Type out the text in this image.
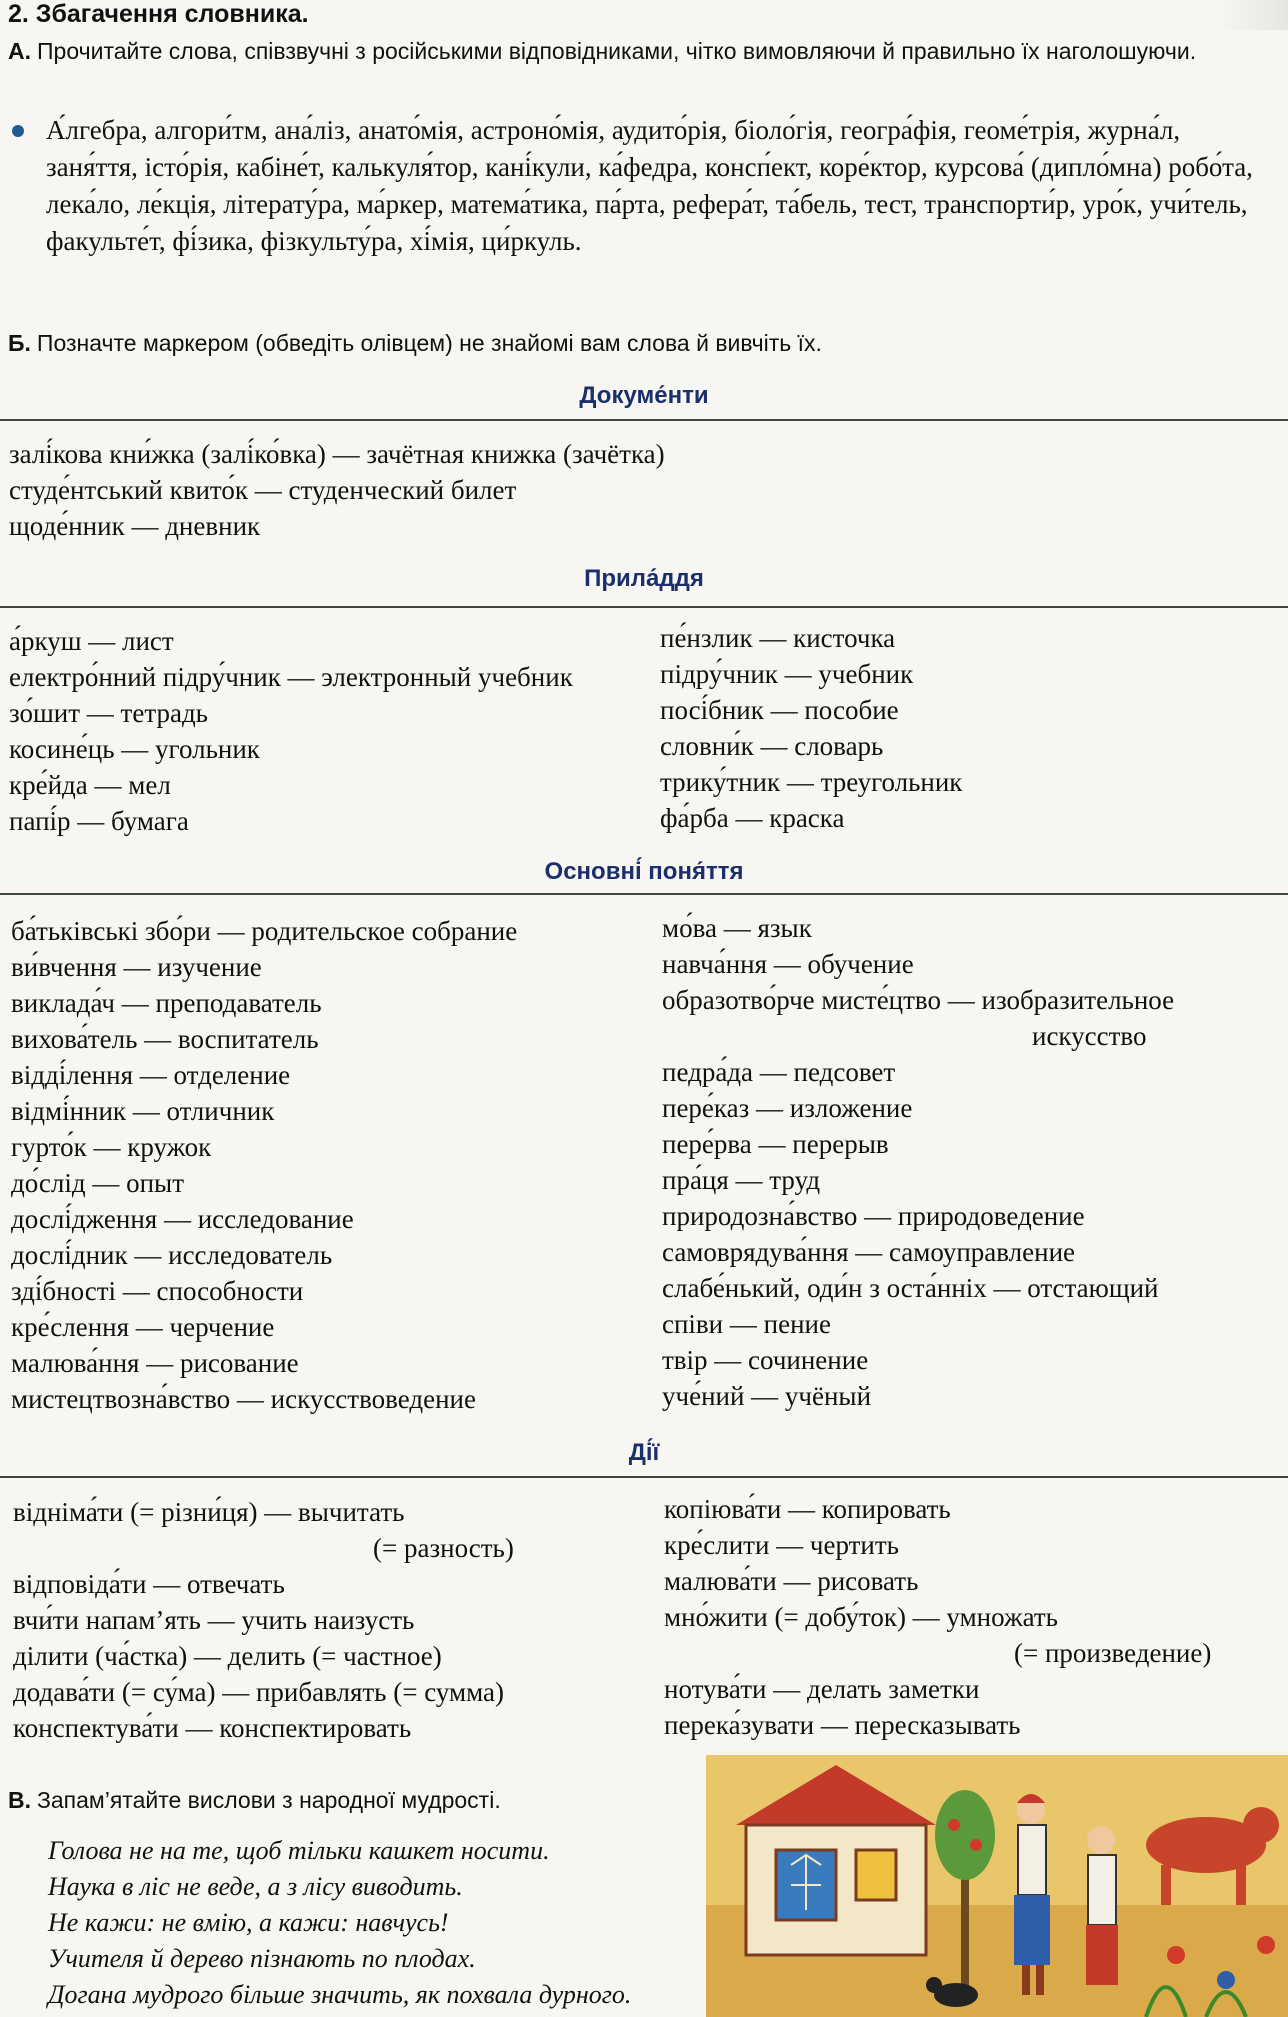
2. Збагачення словника.
А. Прочитайте слова, співзвучні з російськими відповідниками, чітко вимовляючи й правильно їх наголошуючи.
А́лгебра, алгори́тм, ана́ліз, анато́мія, астроно́мія, аудито́рія, біоло́гія, геогра́фія, геоме́трія, журна́л, заня́ття, істо́рія, кабіне́т, калькуля́тор, кані́кули, ка́федра, консп́ект, коре́ктор, курсова́ (дипло́мна) робо́та, лека́ло, ле́кція, літерату́ра, ма́ркер, матема́тика, па́рта, рефера́т, та́бель, тест, транспорти́р, уро́к, учи́тель, факульте́т, фі́зика, фізкульту́ра, хі́мія, ци́ркуль.
Б. Позначте маркером (обведіть олівцем) не знайомі вам слова й вивчіть їх.
Докуме́нти
залі́кова кни́жка (залі́ко́вка) — зачётная книжка (зачётка)
студе́нтський квито́к — студенческий билет
щоде́нник — дневник
Прила́ддя
а́ркуш — лист
електро́нний підру́чник — электронный учебник
зо́шит — тетрадь
косине́ць — угольник
кре́йда — мел
папі́р — бумага
пе́нзлик — кисточка
підру́чник — учебник
посі́бник — пособие
словни́к — словарь
трику́тник — треугольник
фа́рба — краска
Основні́ поня́ття
ба́тьківські збо́ри — родительское собрание
ви́вчення — изучение
виклада́ч — преподаватель
вихова́тель — воспитатель
відді́лення — отделение
відмі́нник — отличник
гурто́к — кружок
до́слід — опыт
дослі́дження — исследование
дослі́дник — исследователь
зді́бності — способности
кре́слення — черчение
малюва́ння — рисование
мистецтвозна́вство — искусствоведение
мо́ва — язык
навча́ння — обучение
образотво́рче мисте́цтво — изобразительное
искусство
педра́да — педсовет
пере́каз — изложение
пере́рва — перерыв
пра́ця — труд
природозна́вство — природоведение
самоврядува́ння — самоуправление
слабе́нький, оди́н з оста́нніх — отстающий
співи — пение
твір — сочинение
уче́ний — учёный
Ді́ї
відніма́ти (= різни́ця) — вычитать
(= разность)
відповіда́ти — отвечать
вчи́ти напам’ять — учить наизусть
ділити (ча́стка) — делить (= частное)
додава́ти (= су́ма) — прибавлять (= сумма)
конспектува́ти — конспектировать
копіюва́ти — копировать
кре́слити — чертить
малюва́ти — рисовать
мно́жити (= добу́ток) — умножать
(= произведение)
нотува́ти — делать заметки
перека́зувати — пересказывать
В. Запам’ятайте вислови з народної мудрості.
Голова не на те, щоб тільки кашкет носити.
Наука в ліс не веде, а з лісу виводить.
Не кажи: не вмію, а кажи: навчусь!
Учителя й дерево пізнають по плодах.
Догана мудрого більше значить, як похвала дурного.
